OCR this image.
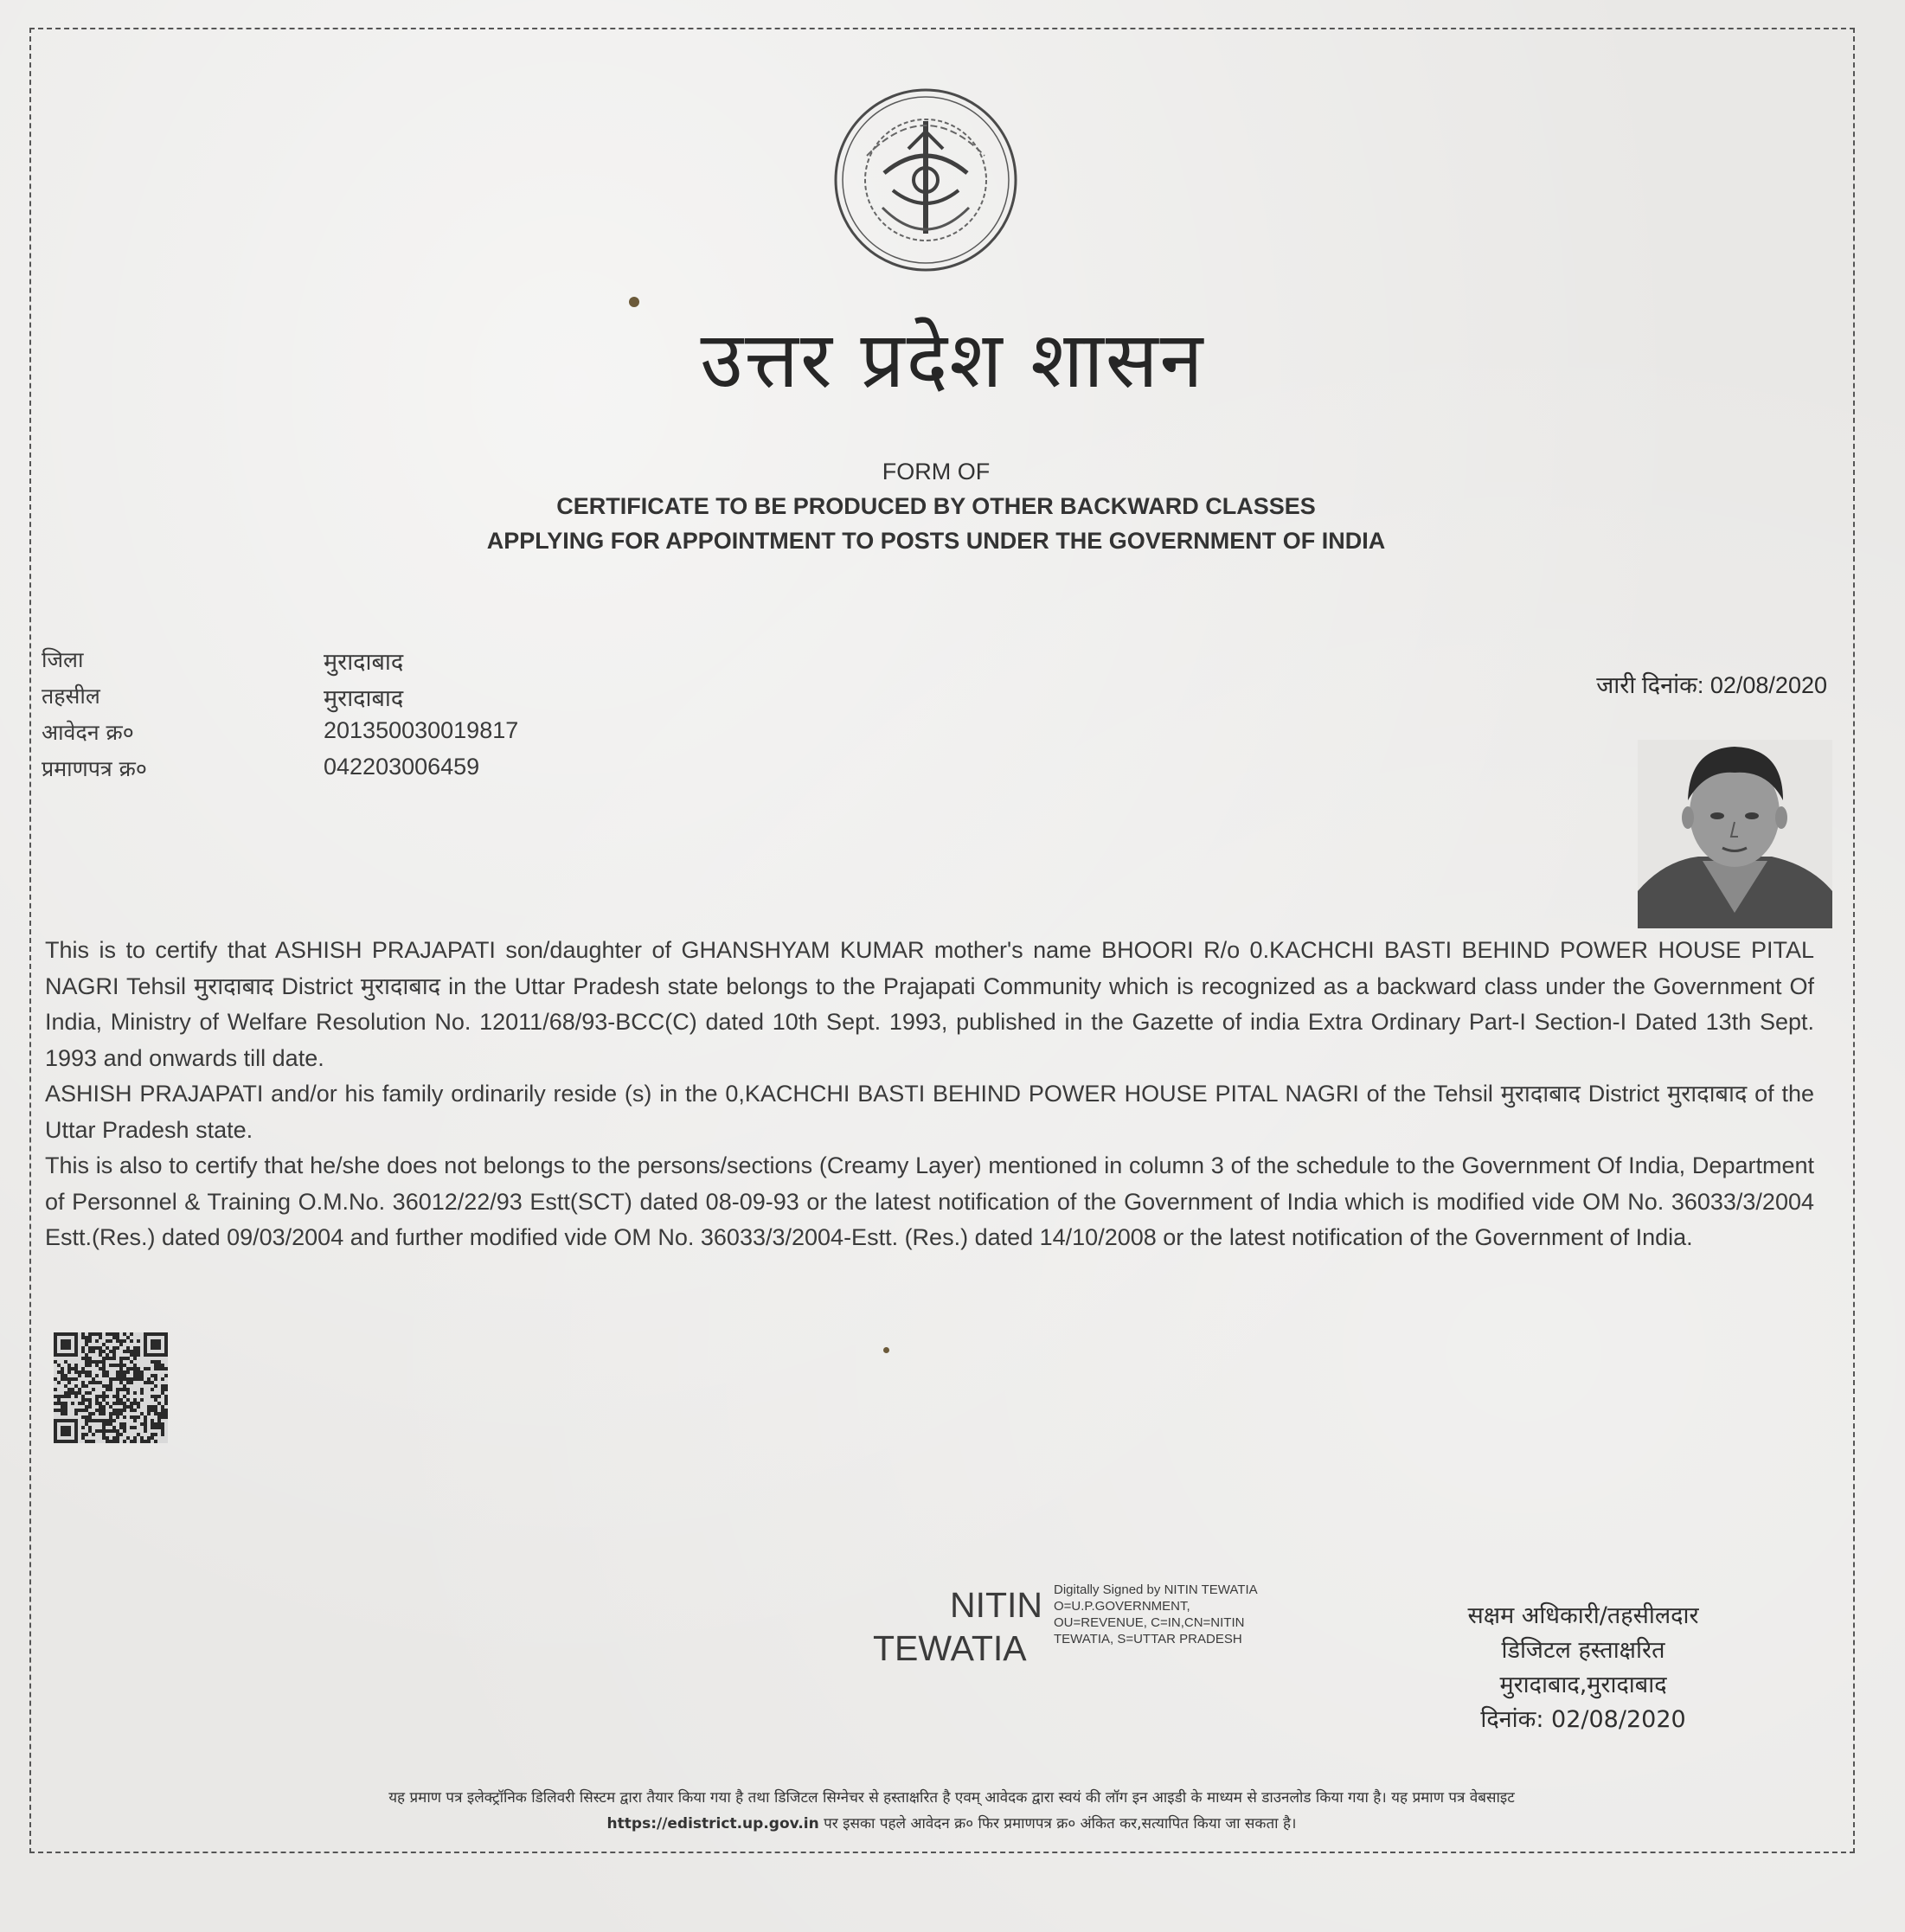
उत्तर प्रदेश शासन
FORM OF
CERTIFICATE TO BE PRODUCED BY OTHER BACKWARD CLASSES
APPLYING FOR APPOINTMENT TO POSTS UNDER THE GOVERNMENT OF INDIA
जिला	मुरादाबाद
तहसील	मुरादाबाद
आवेदन क्र०	201350030019817
प्रमाणपत्र क्र०	042203006459
जारी दिनांक: 02/08/2020

This is to certify that ASHISH PRAJAPATI son/daughter of GHANSHYAM KUMAR mother's name BHOORI R/o 0.KACHCHI BASTI BEHIND POWER HOUSE PITAL NAGRI Tehsil मुरादाबाद District मुरादाबाद in the Uttar Pradesh state belongs to the Prajapati Community which is recognized as a backward class under the Government Of India, Ministry of Welfare Resolution No. 12011/68/93-BCC(C) dated 10th Sept. 1993, published in the Gazette of india Extra Ordinary Part-I Section-I Dated 13th Sept. 1993 and onwards till date.

ASHISH PRAJAPATI and/or his family ordinarily reside (s) in the 0,KACHCHI BASTI BEHIND POWER HOUSE PITAL NAGRI of the Tehsil मुरादाबाद District मुरादाबाद of the Uttar Pradesh state.

This is also to certify that he/she does not belongs to the persons/sections (Creamy Layer) mentioned in column 3 of the schedule to the Government Of India, Department of Personnel & Training O.M.No. 36012/22/93 Estt(SCT) dated 08-09-93 or the latest notification of the Government of India which is modified vide OM No. 36033/3/2004 Estt.(Res.) dated 09/03/2004 and further modified vide OM No. 36033/3/2004-Estt. (Res.) dated 14/10/2008 or the latest notification of the Government of India.

NITIN
TEWATIA
Digitally Signed by NITIN TEWATIA
O=U.P.GOVERNMENT,
OU=REVENUE, C=IN,CN=NITIN
TEWATIA, S=UTTAR PRADESH
सक्षम अधिकारी/तहसीलदार
डिजिटल हस्ताक्षरित
मुरादाबाद,मुरादाबाद
दिनांक: 02/08/2020
यह प्रमाण पत्र इलेक्ट्रॉनिक डिलिवरी सिस्टम द्वारा तैयार किया गया है तथा डिजिटल सिग्नेचर से हस्ताक्षरित है एवम् आवेदक द्वारा स्वयं की लॉग इन आइडी के माध्यम से डाउनलोड किया गया है। यह प्रमाण पत्र वेबसाइट
https://edistrict.up.gov.in पर इसका पहले आवेदन क्र० फिर प्रमाणपत्र क्र० अंकित कर,सत्यापित किया जा सकता है।
